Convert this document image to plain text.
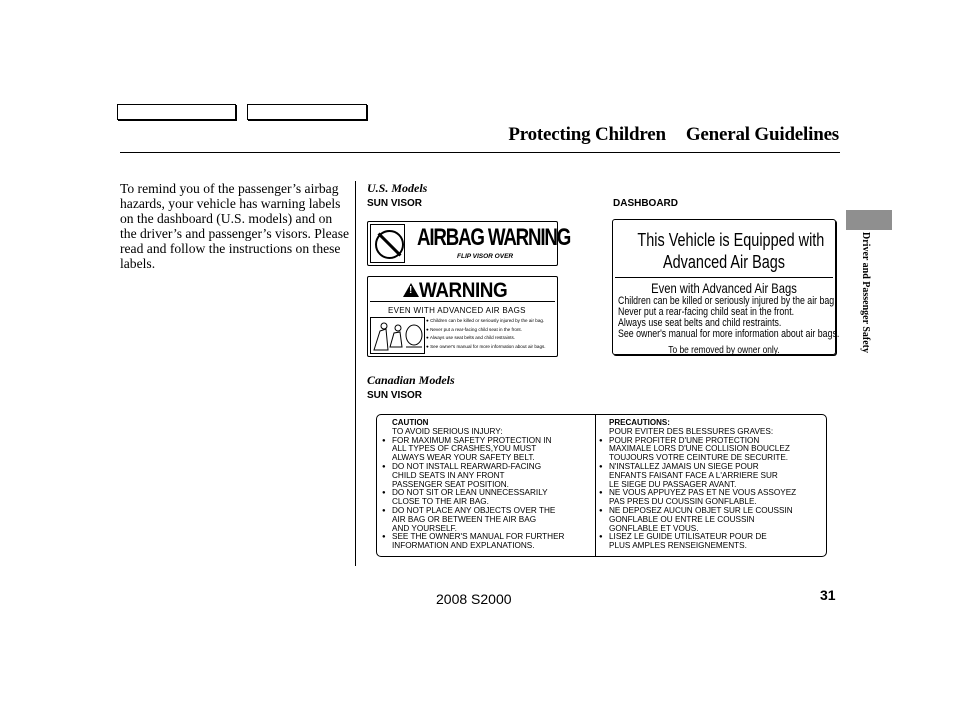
Protecting Children General Guidelines
To remind you of the passenger’s airbag hazards, your vehicle has warning labels on the dashboard (U.S. models) and on the driver’s and passenger’s visors. Please read and follow the instructions on these labels.
U.S. Models
SUN VISOR	DASHBOARD
AIRBAG WARNING
FLIP VISOR OVER
!
WARNING
EVEN WITH ADVANCED AIR BAGS
● Children can be killed or seriously injured by the air bag.
● Never put a rear-facing child seat in the front.
● Always use seat belts and child restraints.
● See owner's manual for more information about air bags.
This Vehicle is Equipped with
Advanced Air Bags
Even with Advanced Air Bags
Children can be killed or seriously injured by the air bag.
Never put a rear-facing child seat in the front.
Always use seat belts and child restraints.
See owner's manual for more information about air bags.
To be removed by owner only.
Canadian Models
SUN VISOR
CAUTION
TO AVOID SERIOUS INJURY:
● FOR MAXIMUM SAFETY PROTECTION IN
ALL TYPES OF CRASHES,YOU MUST
ALWAYS WEAR YOUR SAFETY BELT.
● DO NOT INSTALL REARWARD-FACING
CHILD SEATS IN ANY FRONT
PASSENGER SEAT POSITION.
● DO NOT SIT OR LEAN UNNECESSARILY
CLOSE TO THE AIR BAG.
● DO NOT PLACE ANY OBJECTS OVER THE
AIR BAG OR BETWEEN THE AIR BAG
AND YOURSELF.
● SEE THE OWNER'S MANUAL FOR FURTHER
INFORMATION AND EXPLANATIONS.
PRECAUTIONS:
POUR EVITER DES BLESSURES GRAVES:
● POUR PROFITER D'UNE PROTECTION
MAXIMALE LORS D'UNE COLLISION BOUCLEZ
TOUJOURS VOTRE CEINTURE DE SECURITE.
● N'INSTALLEZ JAMAIS UN SIEGE POUR
ENFANTS FAISANT FACE A L'ARRIERE SUR
LE SIEGE DU PASSAGER AVANT.
● NE VOUS APPUYEZ PAS ET NE VOUS ASSOYEZ
PAS PRES DU COUSSIN GONFLABLE.
● NE DEPOSEZ AUCUN OBJET SUR LE COUSSIN
GONFLABLE OU ENTRE LE COUSSIN
GONFLABLE ET VOUS.
● LISEZ LE GUIDE UTILISATEUR POUR DE
PLUS AMPLES RENSEIGNEMENTS.
Driver and Passenger Safety
2008 S2000	31
